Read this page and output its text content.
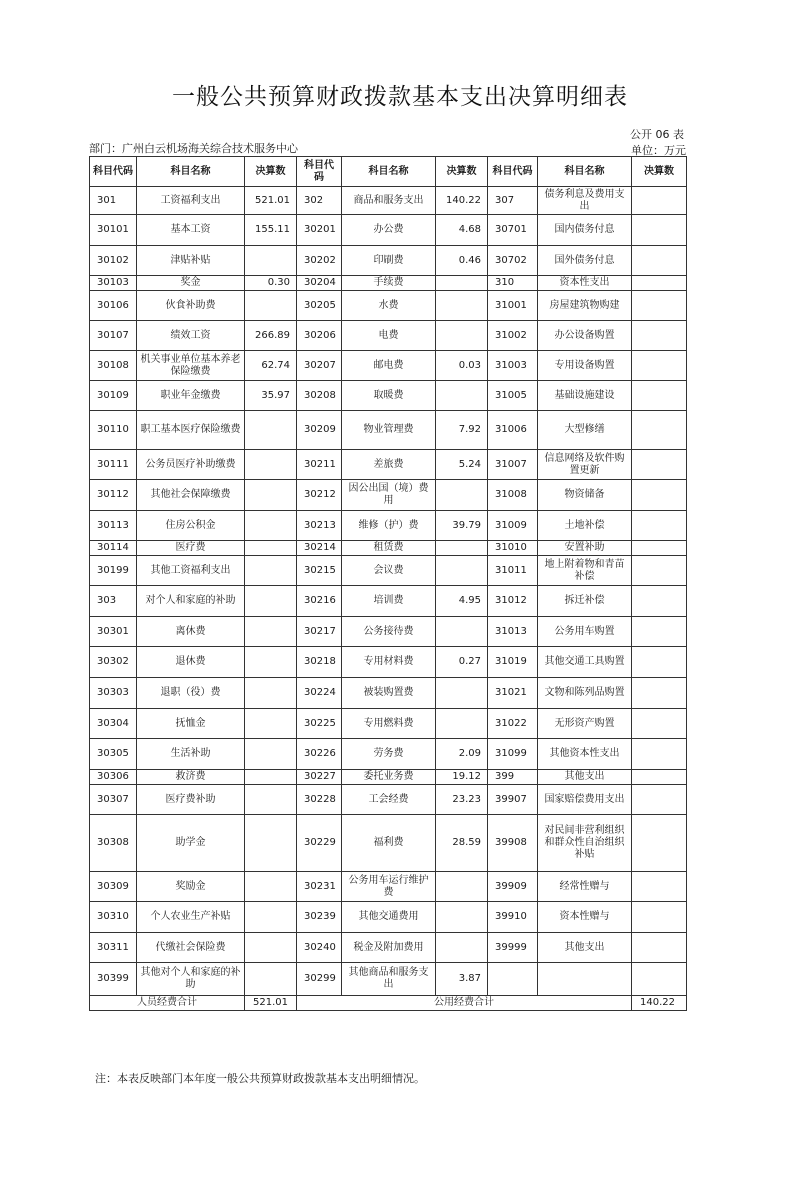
一般公共预算财政拨款基本支出决算明细表
公开 06 表
部门：广州白云机场海关综合技术服务中心	单位：万元
科目代码	科目名称	决算数	科目代码	科目名称	决算数	科目代码	科目名称	决算数
301	工资福利支出	521.01	302	商品和服务支出	140.22	307	债务利息及费用支出	
30101	基本工资	155.11	30201	办公费	4.68	30701	国内债务付息	
30102	津贴补贴		30202	印刷费	0.46	30702	国外债务付息	
30103	奖金	0.30	30204	手续费		310	资本性支出	
30106	伙食补助费		30205	水费		31001	房屋建筑物购建	
30107	绩效工资	266.89	30206	电费		31002	办公设备购置	
30108	机关事业单位基本养老保险缴费	62.74	30207	邮电费	0.03	31003	专用设备购置	
30109	职业年金缴费	35.97	30208	取暖费		31005	基础设施建设	
30110	职工基本医疗保险缴费		30209	物业管理费	7.92	31006	大型修缮	
30111	公务员医疗补助缴费		30211	差旅费	5.24	31007	信息网络及软件购置更新	
30112	其他社会保障缴费		30212	因公出国（境）费用		31008	物资储备	
30113	住房公积金		30213	维修（护）费	39.79	31009	土地补偿	
30114	医疗费		30214	租赁费		31010	安置补助	
30199	其他工资福利支出		30215	会议费		31011	地上附着物和青苗补偿	
303	对个人和家庭的补助		30216	培训费	4.95	31012	拆迁补偿	
30301	离休费		30217	公务接待费		31013	公务用车购置	
30302	退休费		30218	专用材料费	0.27	31019	其他交通工具购置	
30303	退职（役）费		30224	被装购置费		31021	文物和陈列品购置	
30304	抚恤金		30225	专用燃料费		31022	无形资产购置	
30305	生活补助		30226	劳务费	2.09	31099	其他资本性支出	
30306	救济费		30227	委托业务费	19.12	399	其他支出	
30307	医疗费补助		30228	工会经费	23.23	39907	国家赔偿费用支出	
30308	助学金		30229	福利费	28.59	39908	对民间非营利组织和群众性自治组织补贴	
30309	奖励金		30231	公务用车运行维护费		39909	经常性赠与	
30310	个人农业生产补贴		30239	其他交通费用		39910	资本性赠与	
30311	代缴社会保险费		30240	税金及附加费用		39999	其他支出	
30399	其他对个人和家庭的补助		30299	其他商品和服务支出	3.87			
人员经费合计		521.01	公用经费合计					140.22
注：本表反映部门本年度一般公共预算财政拨款基本支出明细情况。
